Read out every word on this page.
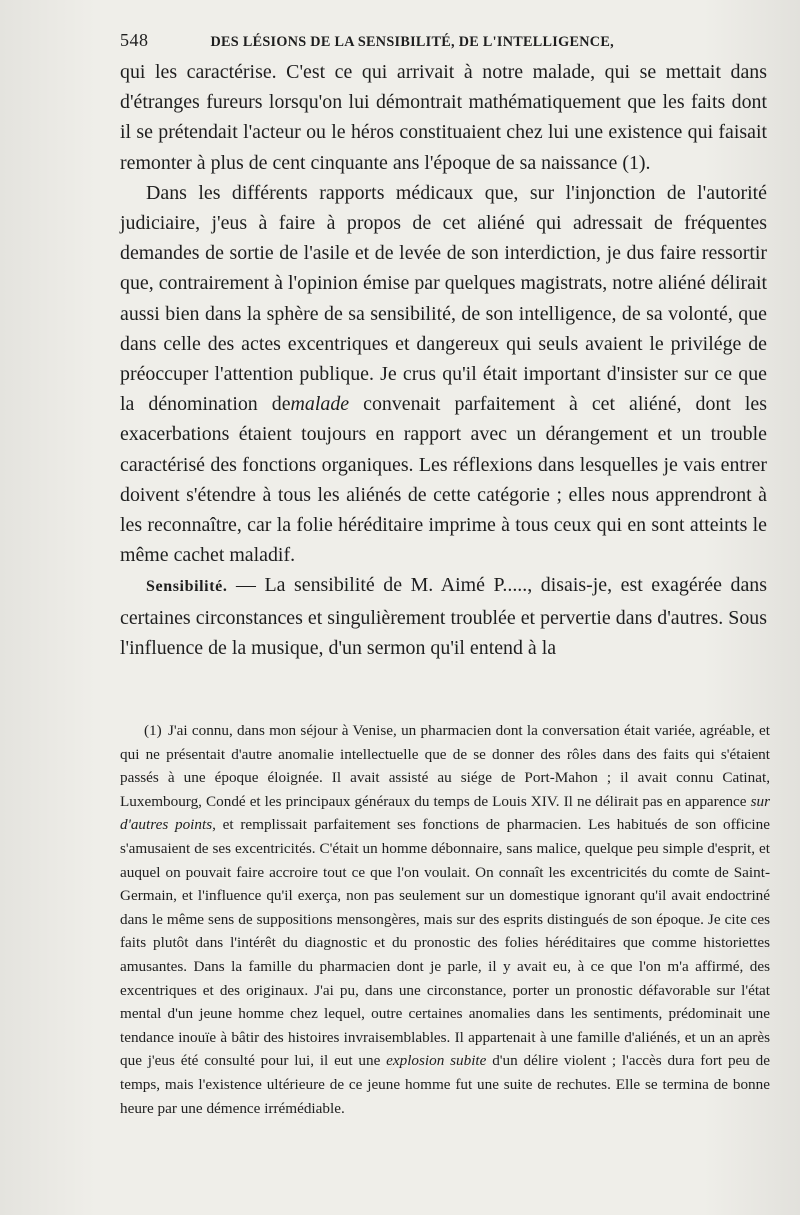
548	DES LÉSIONS DE LA SENSIBILITÉ, DE L'INTELLIGENCE,

qui les caractérise. C'est ce qui arrivait à notre malade, qui se mettait dans d'étranges fureurs lorsqu'on lui démontrait mathématiquement que les faits dont il se prétendait l'acteur ou le héros constituaient chez lui une existence qui faisait remonter à plus de cent cinquante ans l'époque de sa naissance (1).

Dans les différents rapports médicaux que, sur l'injonction de l'autorité judiciaire, j'eus à faire à propos de cet aliéné qui adressait de fréquentes demandes de sortie de l'asile et de levée de son interdiction, je dus faire ressortir que, contrairement à l'opinion émise par quelques magistrats, notre aliéné délirait aussi bien dans la sphère de sa sensibilité, de son intelligence, de sa volonté, que dans celle des actes excentriques et dangereux qui seuls avaient le privilége de préoccuper l'attention publique. Je crus qu'il était important d'insister sur ce que la dénomination demalade convenait parfaitement à cet aliéné, dont les exacerbations étaient toujours en rapport avec un dérangement et un trouble caractérisé des fonctions organiques. Les réflexions dans lesquelles je vais entrer doivent s'étendre à tous les aliénés de cette catégorie ; elles nous apprendront à les reconnaître, car la folie héréditaire imprime à tous ceux qui en sont atteints le même cachet maladif.

Sensibilité. — La sensibilité de M. Aimé P....., disais-je, est exagérée dans certaines circonstances et singulièrement troublée et pervertie dans d'autres. Sous l'influence de la musique, d'un sermon qu'il entend à la

(1) J'ai connu, dans mon séjour à Venise, un pharmacien dont la conversation était variée, agréable, et qui ne présentait d'autre anomalie intellectuelle que de se donner des rôles dans des faits qui s'étaient passés à une époque éloignée. Il avait assisté au siége de Port-Mahon ; il avait connu Catinat, Luxembourg, Condé et les principaux généraux du temps de Louis XIV. Il ne délirait pas en apparence sur d'autres points, et remplissait parfaitement ses fonctions de pharmacien. Les habitués de son officine s'amusaient de ses excentricités. C'était un homme débonnaire, sans malice, quelque peu simple d'esprit, et auquel on pouvait faire accroire tout ce que l'on voulait. On connaît les excentricités du comte de Saint-Germain, et l'influence qu'il exerça, non pas seulement sur un domestique ignorant qu'il avait endoctriné dans le même sens de suppositions mensongères, mais sur des esprits distingués de son époque. Je cite ces faits plutôt dans l'intérêt du diagnostic et du pronostic des folies héréditaires que comme historiettes amusantes. Dans la famille du pharmacien dont je parle, il y avait eu, à ce que l'on m'a affirmé, des excentriques et des originaux. J'ai pu, dans une circonstance, porter un pronostic défavorable sur l'état mental d'un jeune homme chez lequel, outre certaines anomalies dans les sentiments, prédominait une tendance inouïe à bâtir des histoires invraisemblables. Il appartenait à une famille d'aliénés, et un an après que j'eus été consulté pour lui, il eut une explosion subite d'un délire violent ; l'accès dura fort peu de temps, mais l'existence ultérieure de ce jeune homme fut une suite de rechutes. Elle se termina de bonne heure par une démence irrémédiable.
